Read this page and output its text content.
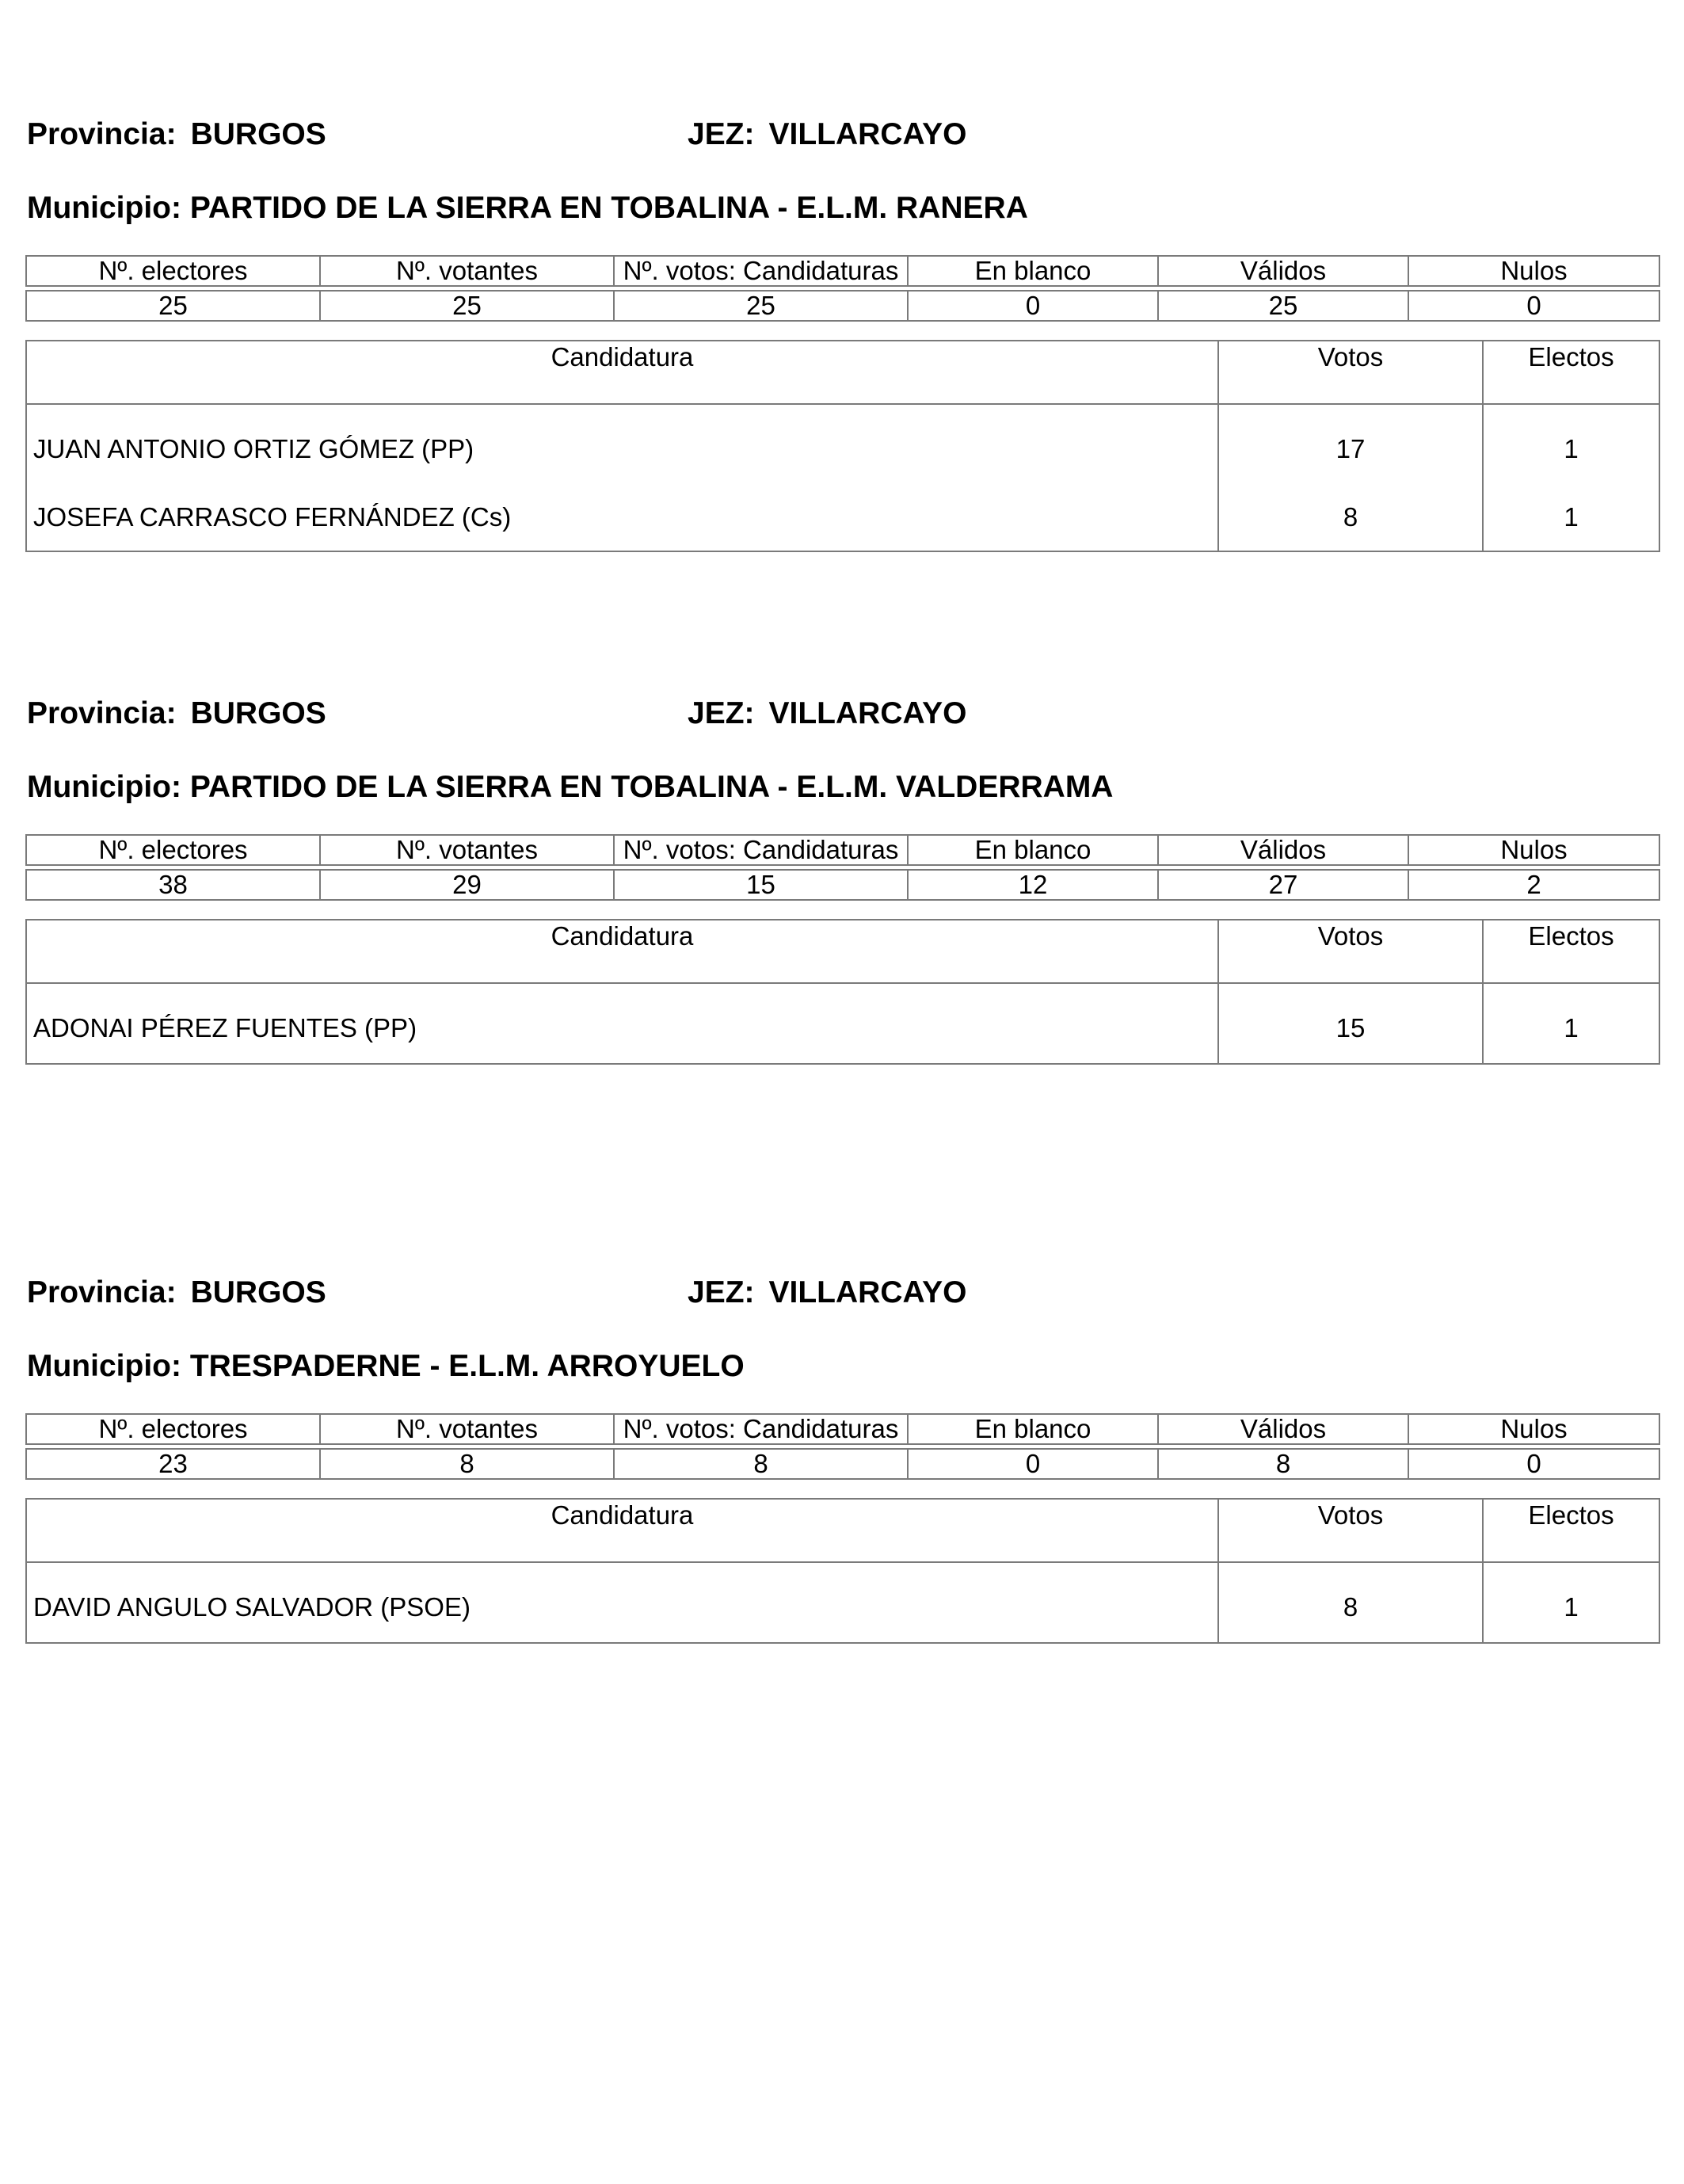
Provincia: BURGOS	JEZ: VILLARCAYO
Municipio: PARTIDO DE LA SIERRA EN TOBALINA - E.L.M. RANERA
Nº. electores	Nº. votantes	Nº. votos: Candidaturas	En blanco	Válidos	Nulos

25	25	25	0	25	0
Candidatura	Votos	Electos
JUAN ANTONIO ORTIZ GÓMEZ (PP)	17	1
JOSEFA CARRASCO FERNÁNDEZ (Cs)	8	1
Provincia: BURGOS	JEZ: VILLARCAYO
Municipio: PARTIDO DE LA SIERRA EN TOBALINA - E.L.M. VALDERRAMA
Nº. electores	Nº. votantes	Nº. votos: Candidaturas	En blanco	Válidos	Nulos

38	29	15	12	27	2
Candidatura	Votos	Electos
ADONAI PÉREZ FUENTES (PP)	15	1
Provincia: BURGOS	JEZ: VILLARCAYO
Municipio: TRESPADERNE - E.L.M. ARROYUELO
Nº. electores	Nº. votantes	Nº. votos: Candidaturas	En blanco	Válidos	Nulos

23	8	8	0	8	0
Candidatura	Votos	Electos
DAVID ANGULO SALVADOR (PSOE)	8	1
